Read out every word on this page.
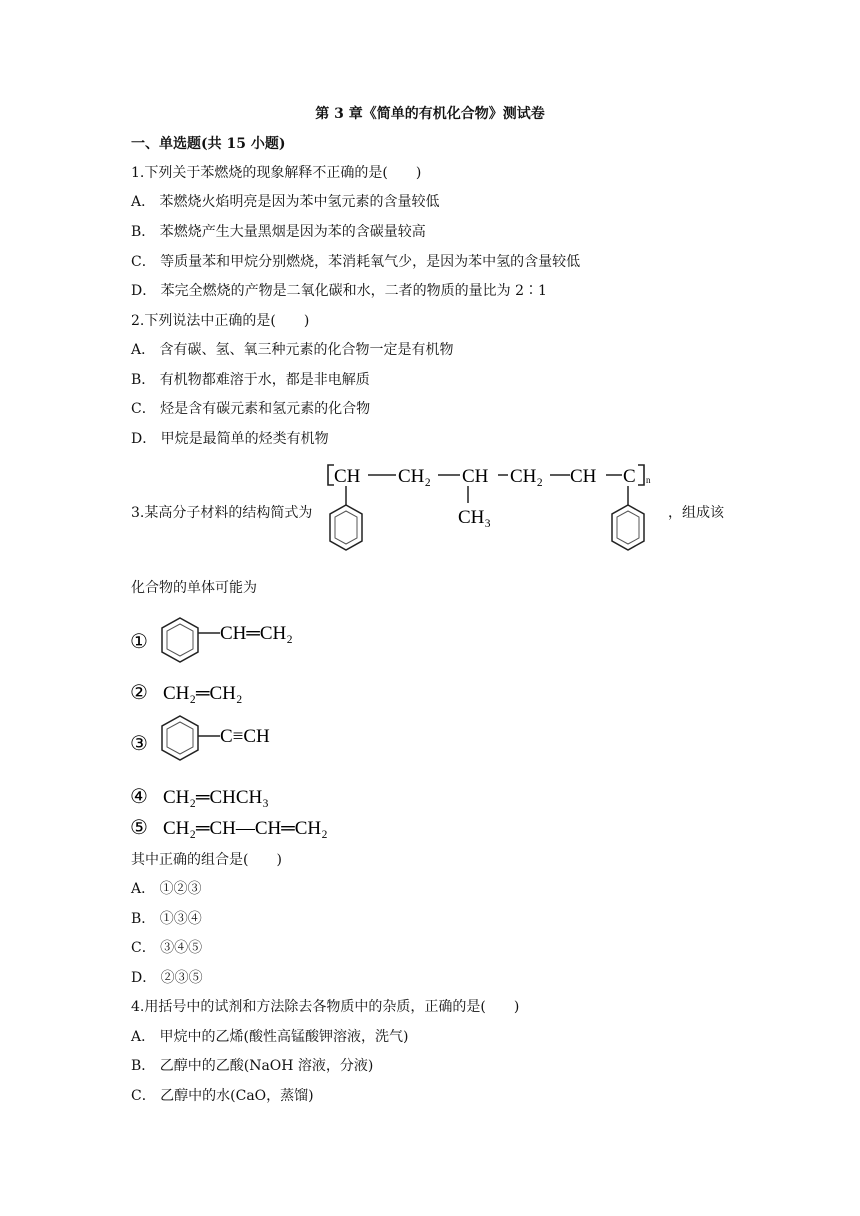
第 3 章《简单的有机化合物》测试卷
一、单选题(共 15 小题)
1.下列关于苯燃烧的现象解释不正确的是(　　)
A． 苯燃烧火焰明亮是因为苯中氢元素的含量较低
B． 苯燃烧产生大量黑烟是因为苯的含碳量较高
C． 等质量苯和甲烷分别燃烧，苯消耗氧气少，是因为苯中氢的含量较低
D． 苯完全燃烧的产物是二氧化碳和水，二者的物质的量比为 2∶1
2.下列说法中正确的是(　　)
A． 含有碳、氢、氧三种元素的化合物一定是有机物
B． 有机物都难溶于水，都是非电解质
C． 烃是含有碳元素和氢元素的化合物
D． 甲烷是最简单的烃类有机物
3.某高分子材料的结构简式为	，组成该
CH CH₂ CH CH₂ CH C n
CH₃
化合物的单体可能为
①	CH═CH₂
② CH₂═CH₂
③	C≡CH
④ CH₂═CHCH₃
⑤ CH₂═CH—CH═CH₂
其中正确的组合是(　　)
A． ①②③
B． ①③④
C． ③④⑤
D． ②③⑤
4.用括号中的试剂和方法除去各物质中的杂质，正确的是(　　)
A． 甲烷中的乙烯(酸性高锰酸钾溶液，洗气)
B． 乙醇中的乙酸(NaOH 溶液，分液)
C． 乙醇中的水(CaO，蒸馏)
